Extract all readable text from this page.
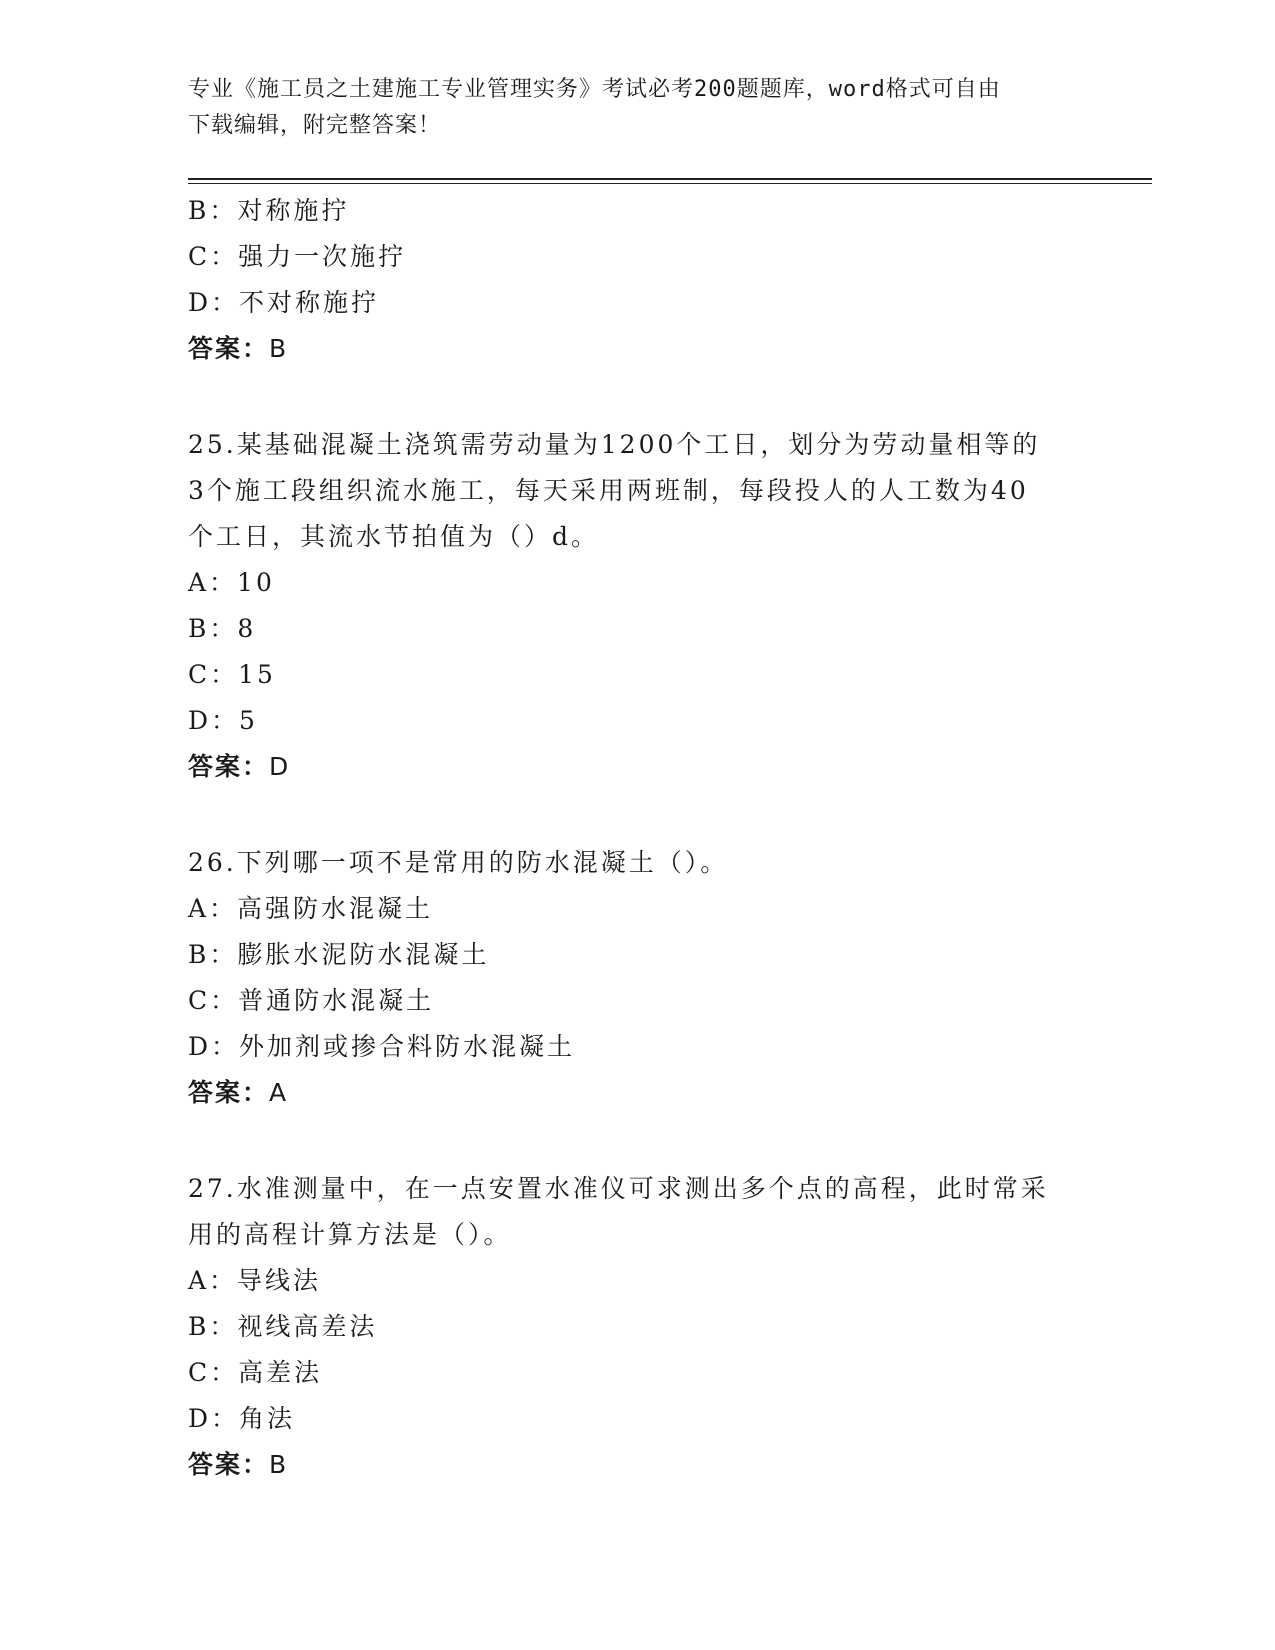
专业《施工员之土建施工专业管理实务》考试必考200题题库，word格式可自由
下载编辑，附完整答案！
B：对称施拧
C：强力一次施拧
D：不对称施拧
答案：B
25.某基础混凝土浇筑需劳动量为1200个工日，划分为劳动量相等的
3个施工段组织流水施工，每天采用两班制，每段投人的人工数为40
个工日，其流水节拍值为（）d。
A：10
B：8
C：15
D：5
答案：D
26.下列哪一项不是常用的防水混凝土（）。
A：高强防水混凝土
B：膨胀水泥防水混凝土
C：普通防水混凝土
D：外加剂或掺合料防水混凝土
答案：A
27.水准测量中，在一点安置水准仪可求测出多个点的高程，此时常采
用的高程计算方法是（）。
A：导线法
B：视线高差法
C：高差法
D：角法
答案：B
